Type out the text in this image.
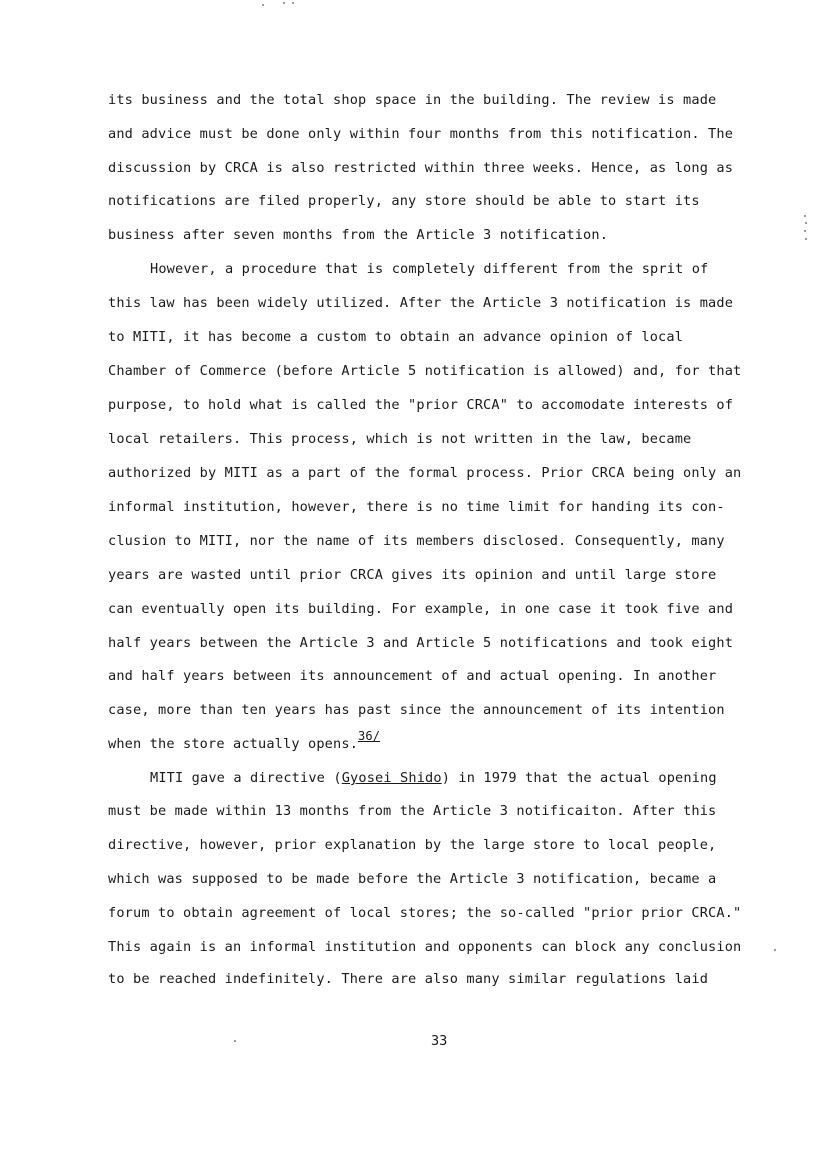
its business and the total shop space in the building. The review is made
and advice must be done only within four months from this notification. The
discussion by CRCA is also restricted within three weeks. Hence, as long as
notifications are filed properly, any store should be able to start its
business after seven months from the Article 3 notification.
However, a procedure that is completely different from the sprit of
this law has been widely utilized. After the Article 3 notification is made
to MITI, it has become a custom to obtain an advance opinion of local
Chamber of Commerce (before Article 5 notification is allowed) and, for that
purpose, to hold what is called the "prior CRCA" to accomodate interests of
local retailers. This process, which is not written in the law, became
authorized by MITI as a part of the formal process. Prior CRCA being only an
informal institution, however, there is no time limit for handing its con-
clusion to MITI, nor the name of its members disclosed. Consequently, many
years are wasted until prior CRCA gives its opinion and until large store
can eventually open its building. For example, in one case it took five and
half years between the Article 3 and Article 5 notifications and took eight
and half years between its announcement of and actual opening. In another
case, more than ten years has past since the announcement of its intention
when the store actually opens.36/
MITI gave a directive (Gyosei Shido) in 1979 that the actual opening
must be made within 13 months from the Article 3 notificaiton. After this
directive, however, prior explanation by the large store to local people,
which was supposed to be made before the Article 3 notification, became a
forum to obtain agreement of local stores; the so-called "prior prior CRCA."
This again is an informal institution and opponents can block any conclusion
to be reached indefinitely. There are also many similar regulations laid
33
